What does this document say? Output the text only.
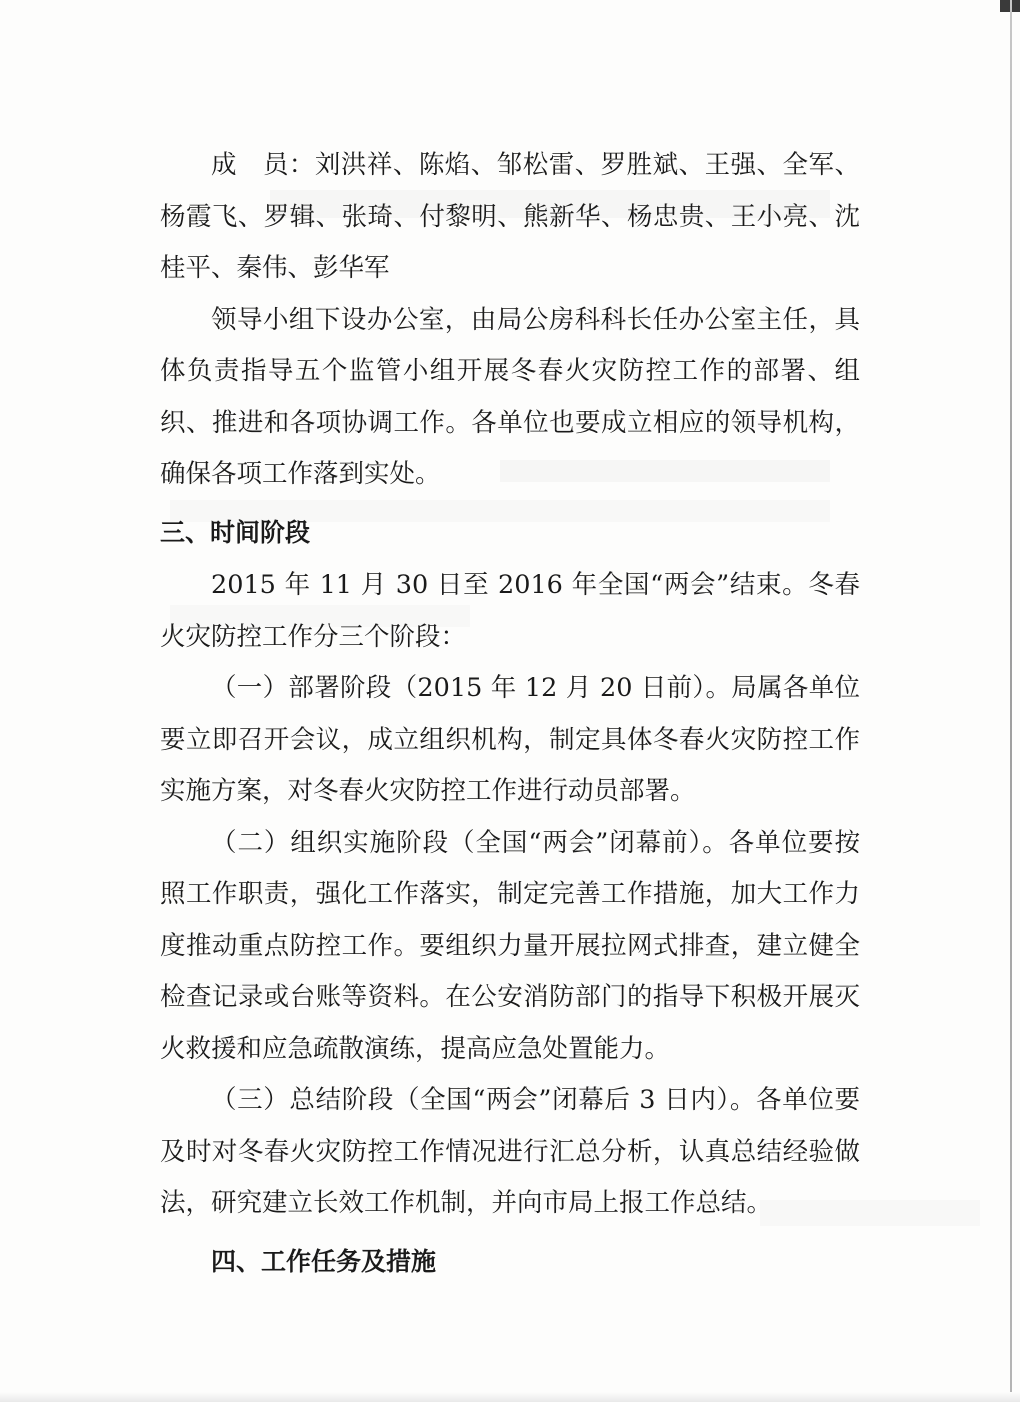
成　员：刘洪祥、陈焰、邹松雷、罗胜斌、王强、全军、杨霞飞、罗辑、张琦、付黎明、熊新华、杨忠贵、王小亮、沈桂平、秦伟、彭华军

领导小组下设办公室，由局公房科科长任办公室主任，具体负责指导五个监管小组开展冬春火灾防控工作的部署、组织、推进和各项协调工作。各单位也要成立相应的领导机构，确保各项工作落到实处。

三、时间阶段

2015 年 11 月 30 日至 2016 年全国“两会”结束。冬春火灾防控工作分三个阶段：

（一）部署阶段（2015 年 12 月 20 日前）。局属各单位要立即召开会议，成立组织机构，制定具体冬春火灾防控工作实施方案，对冬春火灾防控工作进行动员部署。

（二）组织实施阶段（全国“两会”闭幕前）。各单位要按照工作职责，强化工作落实，制定完善工作措施，加大工作力度推动重点防控工作。要组织力量开展拉网式排查，建立健全检查记录或台账等资料。在公安消防部门的指导下积极开展灭火救援和应急疏散演练，提高应急处置能力。

（三）总结阶段（全国“两会”闭幕后 3 日内）。各单位要及时对冬春火灾防控工作情况进行汇总分析，认真总结经验做法，研究建立长效工作机制，并向市局上报工作总结。

四、工作任务及措施
